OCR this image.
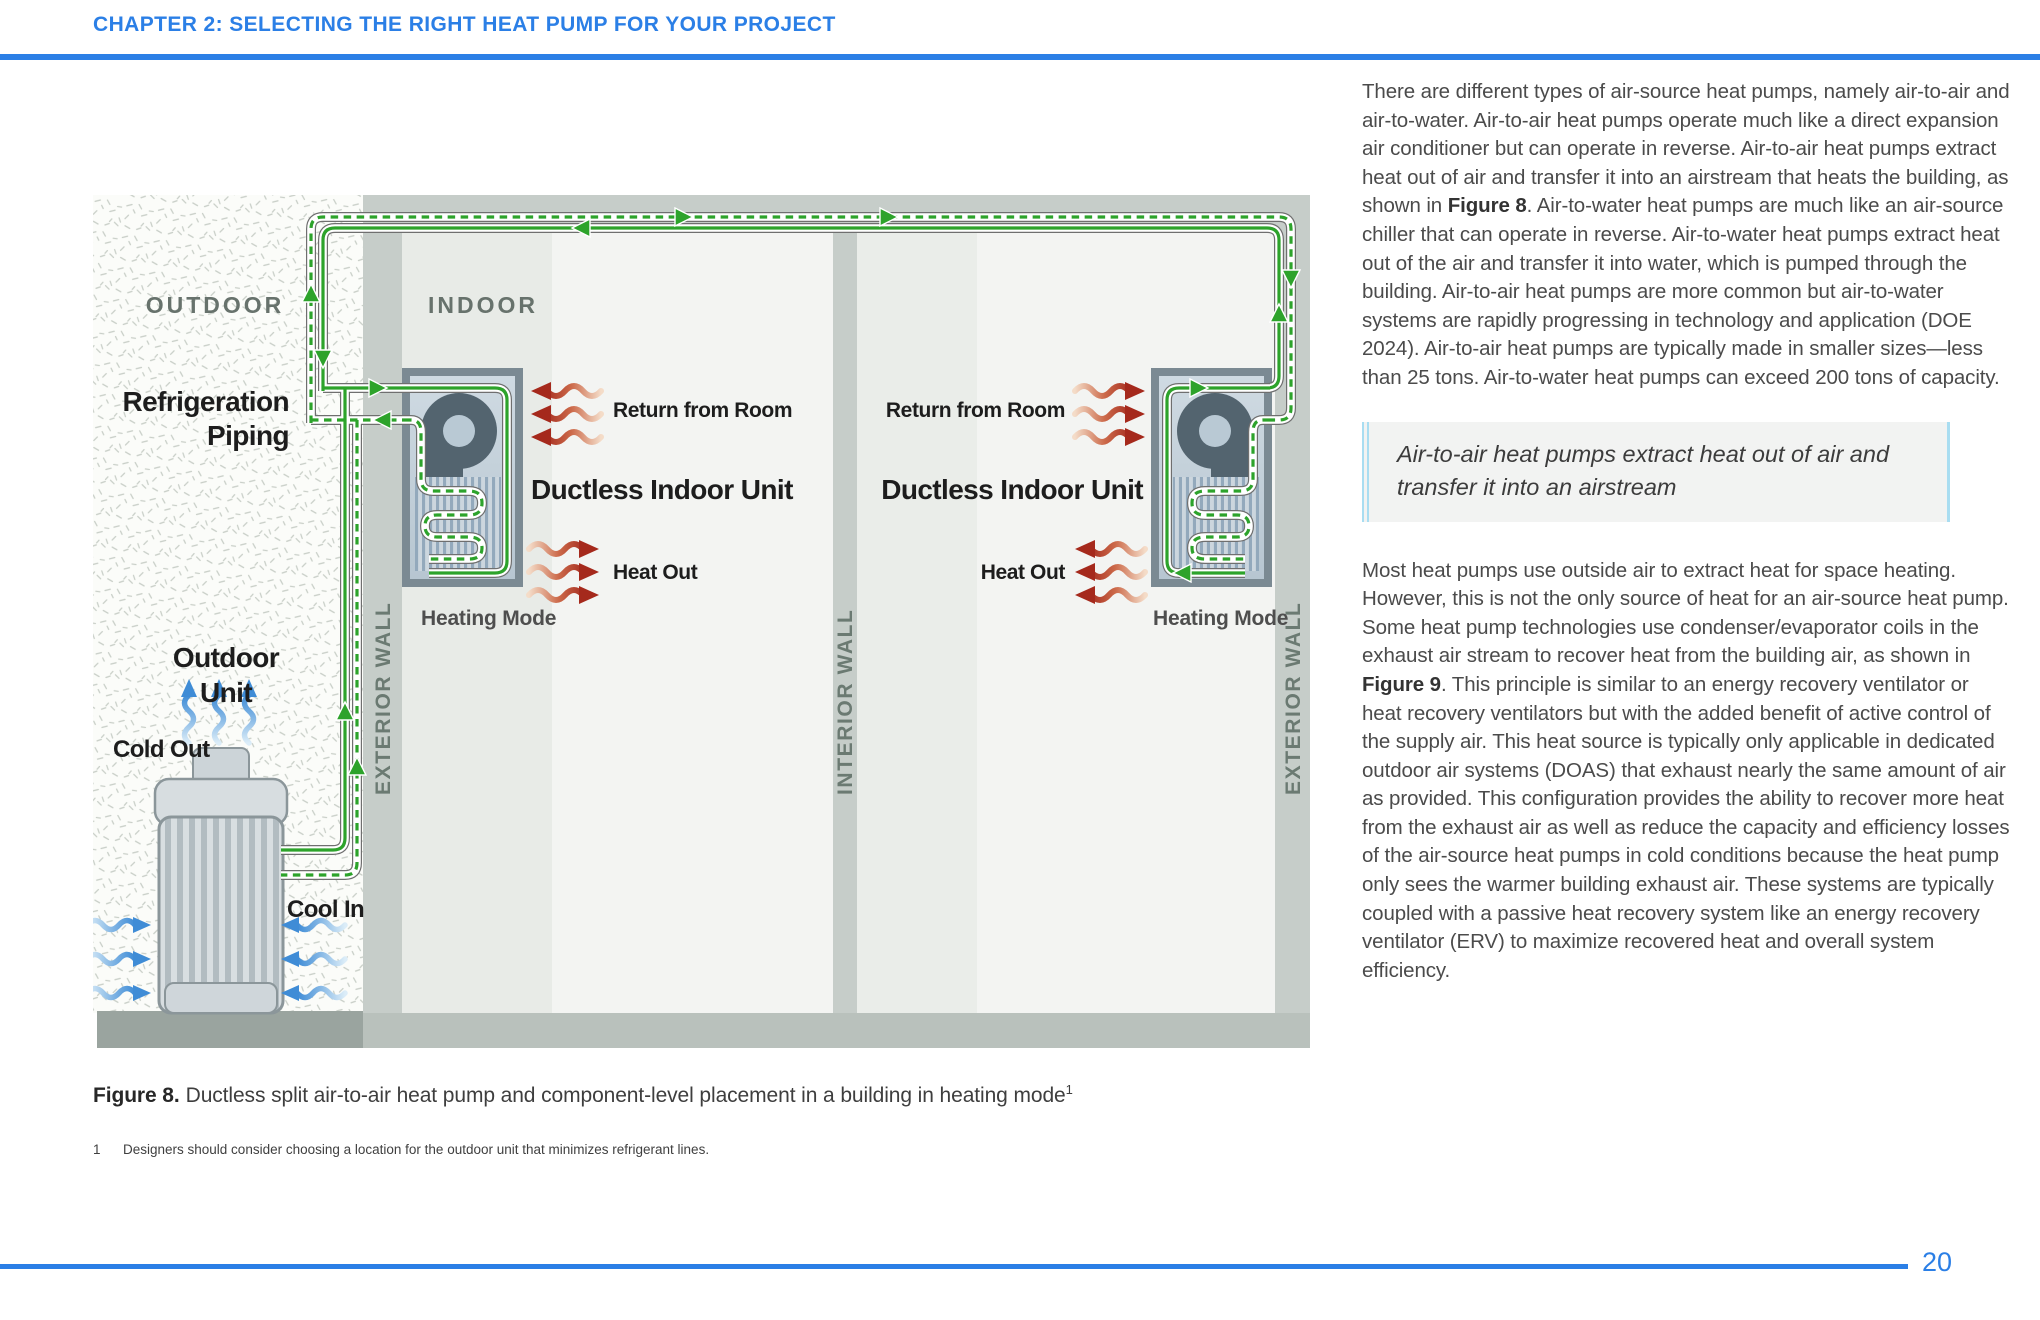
CHAPTER 2: SELECTING THE RIGHT HEAT PUMP FOR YOUR PROJECT
OUTDOOR	INDOOR
Refrigeration
Piping
Outdoor
Unit
Cold Out
Cool In
EXTERIOR WALL	INTERIOR WALL	EXTERIOR WALL
Return from Room
Ductless Indoor Unit
Heat Out
Heating Mode
Return from Room
Ductless Indoor Unit
Heat Out
Heating Mode
Figure 8. Ductless split air-to-air heat pump and component-level placement in a building in heating mode$^1$
1	Designers should consider choosing a location for the outdoor unit that minimizes refrigerant lines.

There are different types of air-source heat pumps, namely air-to-air and air-to-water. Air-to-air heat pumps operate much like a direct expansion air conditioner but can operate in reverse. Air-to-air heat pumps extract heat out of air and transfer it into an airstream that heats the building, as shown in Figure 8. Air-to-water heat pumps are much like an air-source chiller that can operate in reverse. Air-to-water heat pumps extract heat out of the air and transfer it into water, which is pumped through the building. Air-to-air heat pumps are more common but air-to-water systems are rapidly progressing in technology and application (DOE 2024). Air-to-air heat pumps are typically made in smaller sizes—less than 25 tons. Air-to-water heat pumps can exceed 200 tons of capacity.

Air-to-air heat pumps extract heat out of air and transfer it into an airstream

Most heat pumps use outside air to extract heat for space heating. However, this is not the only source of heat for an air-source heat pump. Some heat pump technologies use condenser/evaporator coils in the exhaust air stream to recover heat from the building air, as shown in Figure 9. This principle is similar to an energy recovery ventilator or heat recovery ventilators but with the added benefit of active control of the supply air. This heat source is typically only applicable in dedicated outdoor air systems (DOAS) that exhaust nearly the same amount of air as provided. This configuration provides the ability to recover more heat from the exhaust air as well as reduce the capacity and efficiency losses of the air-source heat pumps in cold conditions because the heat pump only sees the warmer building exhaust air. These systems are typically coupled with a passive heat recovery system like an energy recovery ventilator (ERV) to maximize recovered heat and overall system efficiency.

20
